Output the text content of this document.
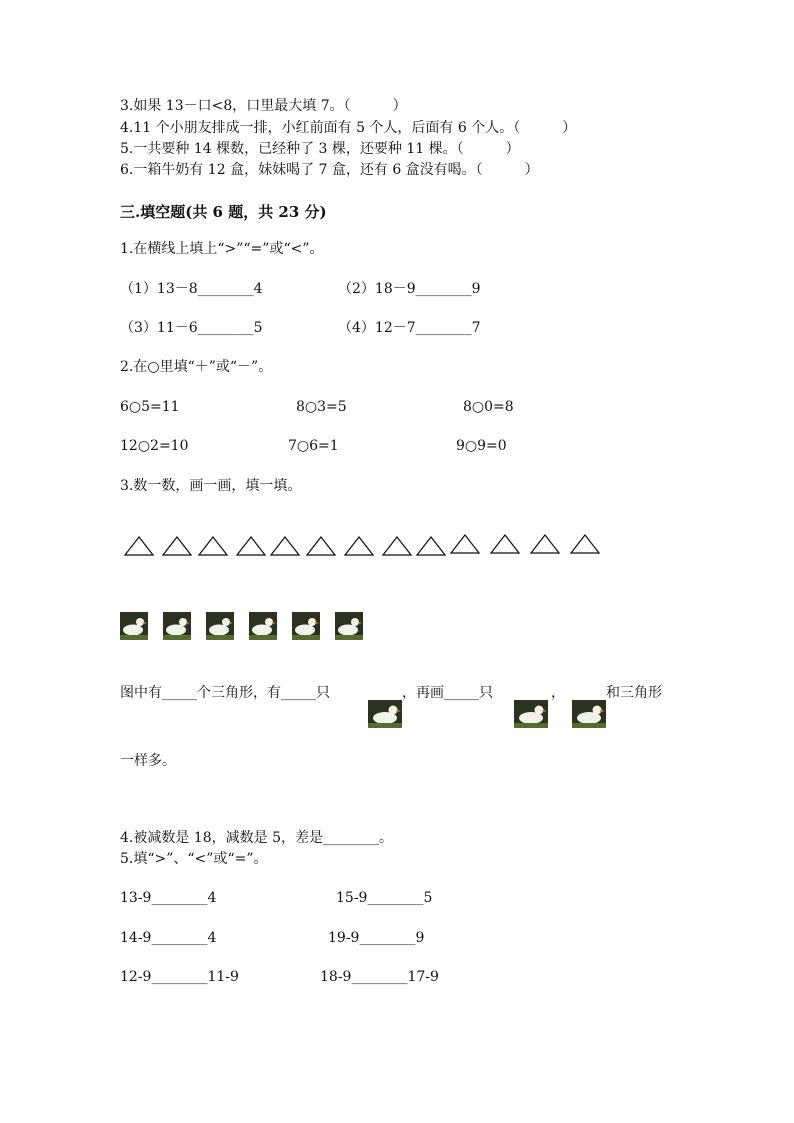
3.如果 13－口<8，口里最大填 7。（　　　）
4.11 个小朋友排成一排，小红前面有 5 个人，后面有 6 个人。（　　　）
5.一共要种 14 棵数，已经种了 3 棵，还要种 11 棵。（　　　）
6.一箱牛奶有 12 盒，妹妹喝了 7 盒，还有 6 盒没有喝。（　　　）
三.填空题(共 6 题，共 23 分)
1.在横线上填上“>”“=”或“<”。
（1）13－8________4	（2）18－9________9
（3）11－6________5	（4）12－7________7
2.在○里填“＋”或“－”。
6○5=11	8○3=5	8○0=8
12○2=10	7○6=1	9○9=0
3.数一数，画一画，填一填。
图中有_____个三角形，有_____只	，再画_____只	，	和三角形
一样多。
4.被减数是 18，减数是 5，差是________。
5.填“>”、“<”或“=”。
13-9________4	15-9________5
14-9________4	19-9________9
12-9________11-9	18-9________17-9
